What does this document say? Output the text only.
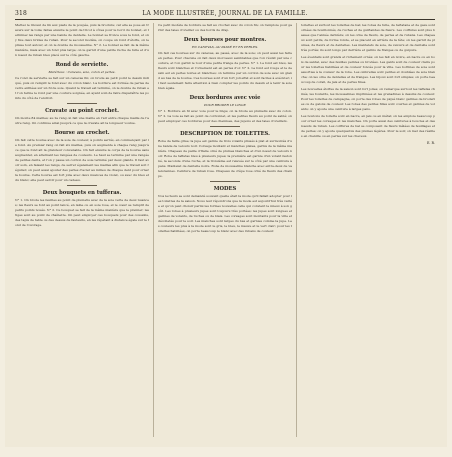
318	LA MODE ILLUSTRÉE, JOURNAL DE LA FAMILLE.
Mettez le linceul de lin aux pieds de la poupée, puis la brodure; car elle se pose en travers sur la toile; faites ensuite le point de tricot à côtes pour le bord du bonnet, et terminez les rangs par une bande de dentelle. Le bonnet se fronce sous le fond, et on y fixe deux brides de ruban. Pour le second modèle, on coupe un rond d'étoffe, on le plisse tout autour, et on le double de mousseline. N° 2. Le bonnet se fait de la même manière, mais avec un fond plus large; on le garnit d'une petite ruche de tulle et d'un nœud de ruban bleu placé sur le côté gauche.
Rond de serviette.
Matériaux : Canevas, soie, coton et perles.
Ce rond de serviette se fait sur un canevas fin; on brode au petit point le dessin indiqué, puis on remplit le fond avec du coton blanc. La bordure est formée de perles de verre enfilées sur un fil de soie. Quand le travail est terminé, on le double de ruban et l'on ferme le rond par une couture soignée, en ayant soin de faire disparaître les points du côté de l'endroit.
Cravate au point crochet.
On monte 84 mailles; au 2e rang on fait une maille en l'air entre chaque maille de l'autre rang. On continue ainsi jusqu'à ce que la cravate ait la longueur voulue.
Bourse au crochet.
On fait cette bourse avec de la soie de couleur, à points serrés, en commençant par le fond. Au premier rang on fait six mailles, puis on augmente à chaque rang jusqu'à ce que le fond ait la grandeur convenable. On fait ensuite le corps de la bourse sans augmenter, en alternant les rangées de couleurs. Le haut se termine par une rangée de petites dents, et l'on y passe un cordon de soie terminé par deux glands. Il faut avoir soin, en faisant les rangs, de serrer également les mailles afin que le travail soit régulier; on peut aussi ajouter des perles d'acier au milieu de chaque dent pour orner la bourse. Cette bourse est fort jolie avec deux nuances de violet, ou avec du bleu et du blanc; elle peut servir pour un cadeau.
Deux bouquets en tufferas.
N° 1. On brode les feuilles au point de plumetis avec de la soie verte de deux nuances; les fleurs se font au point lancé, en laine ou en soie rose, et le cœur se remplit de petits points noués. N° 2. Ce bouquet se fait de la même manière que le premier; les tiges sont au point de chaînette. On peut employer ces bouquets pour des coussins, des tapis de table ou des dessus de fauteuils, en les répétant à distance égale sur le fond de l'ouvrage.
Ce petit modèle de bordure se fait au crochet avec du coton fin; on l'emploie pour garnir des taies d'oreiller ou des bords de drap.
Deux bourses pour montres.
EN CANEVAS, AU PASSÉ ET EN PERLES.
On fait ces bourses sur du canevas, au passé, avec de la soie; on peut aussi les faire en perles. Pour chacune on fait deux morceaux semblables que l'on réunit par une couture, et l'on garnit le tour d'une petite frange de perles. N° 1. Le fond est bleu, les fleurs sont blanches et l'ornement est en perles d'or. N° 2. Le fond est rouge et le dessin est en perles noires et blanches; on termine par un cordon de soie avec un gland au bas de la bourse. Ces bourses sont d'un fort joli effet et sont faciles à exécuter; il faut seulement faire attention à bien compter les points du dessin et à tenir la soie bien égale.
Deux bordures avec voie
POUR BRODER LE LINGE
N° 1. Bordure en fil avec voie pour le linge; on la brode au plumetis avec du coton. N° 2. La voie se fait au point de cordonnet, et les petites fleurs au point de sablé; on peut employer ces bordures pour des chemises, des jupons et des taies d'oreillers.
DESCRIPTION DE TOILETTES.
Robe de faille grise; la jupe est garnie de trois volants plissés à plat et surmontés d'une bande de velours noir. Corsage montant et manches plates, garnis de la même manière. Chapeau de paille d'Italie orné de plumes blanches et d'un nœud de velours noir. Robe de taffetas bleu à plusieurs jupes; la première est garnie d'un volant festonné, la seconde d'une ruche, et la troisième est relevée sur le côté par une ceinture à pans. Mantelet de dentelle noire. Robe de mousseline blanche avec entre-deux de valenciennes. Ceinture de ruban rose. Chapeau de crêpe rose orné de fleurs des champs.
MODES
Nos lecteurs se sont demandé souvent quelle était la mode qu'il fallait adopter pour les toilettes de la saison. Nous leur répondrons que la mode est aujourd'hui très variée et qu'on peut choisir parmi les formes nouvelles celle qui convient le mieux à son goût. Les robes à plusieurs jupes sont toujours très portées; les jupes sont longues et garnies de volants, de ruches ou de biais. Les corsages sont montants pour la ville et décolletés pour le soir. Les manches sont larges du bas et garnies comme la jupe. Les couleurs les plus à la mode sont le gris, le bleu, le mauve et le vert clair; pour les toilettes habillées, on porte beaucoup le blanc avec des rubans de couleur.
toilettes et surtout les toilettes de bal; les robes de tulle, de tarlatane et de gaze sont ornées de bouillonnés, de ruches et de guirlandes de fleurs. Les coiffures sont plus basses que l'année dernière; on les orne de fleurs, de perles et de rubans. Les chapeaux sont petits, de forme ronde, et se placent en arrière de la tête; on les garnit de plumes, de fleurs et de dentelles. Les mantelets de soie, de velours et de dentelle sont très portés; ils sont longs par derrière et garnis de franges ou de guipure.
Les éventails sont grands et richement ornés; on les fait en ivoire, en nacre ou en bois de santal, avec des feuilles peintes ou brodées. Les gants sont de couleur claire pour les toilettes habillées et de couleur foncée pour la ville. Les bottines de soie sont assorties à la couleur de la robe. Les ombrelles sont petites et doublées de soie blanche; on les orne de dentelles et de franges. Les bijoux sont fort simples; on porte beaucoup de corail, de jais et de perles fines.
Les nouvelles étoffes de la saison sont fort jolies; on remarque surtout les taffetas chinés, les foulards, les mousselines imprimées et les grenadines à dessins de couleur. Pour les toilettes de campagne, on porte des robes de piqué blanc garnies de broderies ou de galons de couleur. Les robes des petites filles sont courtes et garnies de volants; on y ajoute une ceinture à larges pans.
Les boutons de toilette sont en nacre, en jais ou en métal; on les emploie beaucoup pour orner les corsages et les manches. On porte aussi des ceintures à boucles et des nœuds de ruban. Les coiffures de bal se composent de fleurs mêlées de feuillages et de perles; on y ajoute quelquefois des plumes légères. Pour le soir, on met des résilles en chenille ou en perles sur les cheveux.
E. R.
